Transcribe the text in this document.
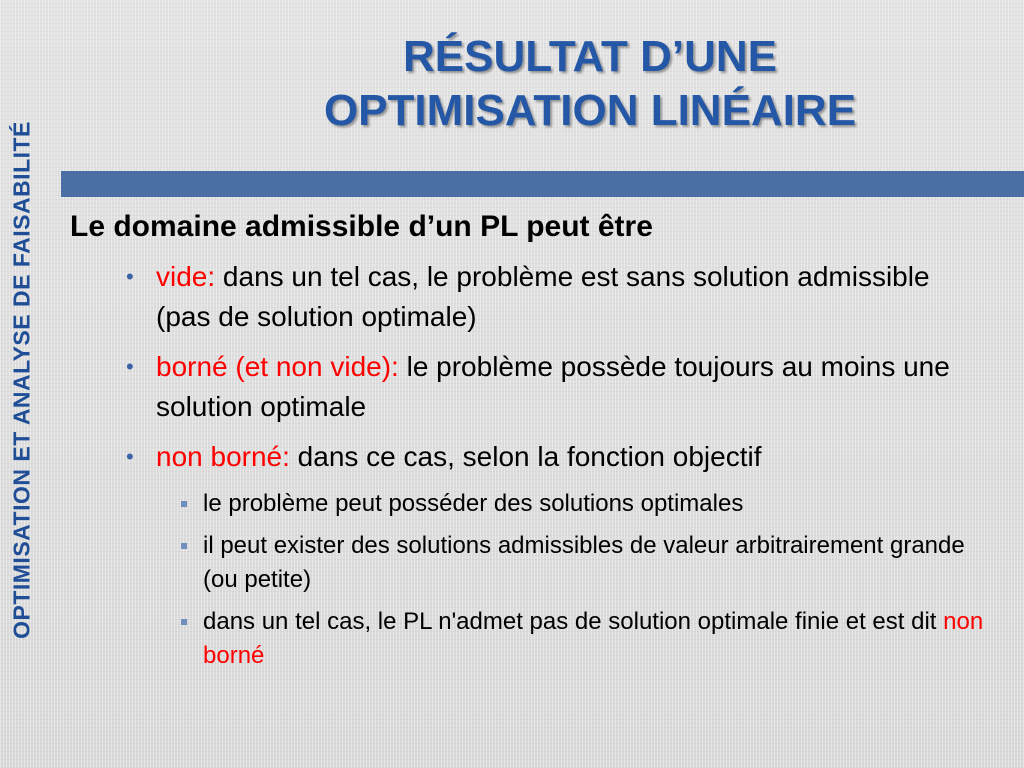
OPTIMISATION ET ANALYSE DE FAISABILITÉ
RÉSULTAT D’UNE
OPTIMISATION LINÉAIRE
Le domaine admissible d’un PL peut être
• vide: dans un tel cas, le problème est sans solution admissible (pas de solution optimale)
• borné (et non vide): le problème possède toujours au moins une solution optimale
• non borné: dans ce cas, selon la fonction objectif
le problème peut posséder des solutions optimales
il peut exister des solutions admissibles de valeur arbitrairement grande (ou petite)
dans un tel cas, le PL n'admet pas de solution optimale finie et est dit non borné
